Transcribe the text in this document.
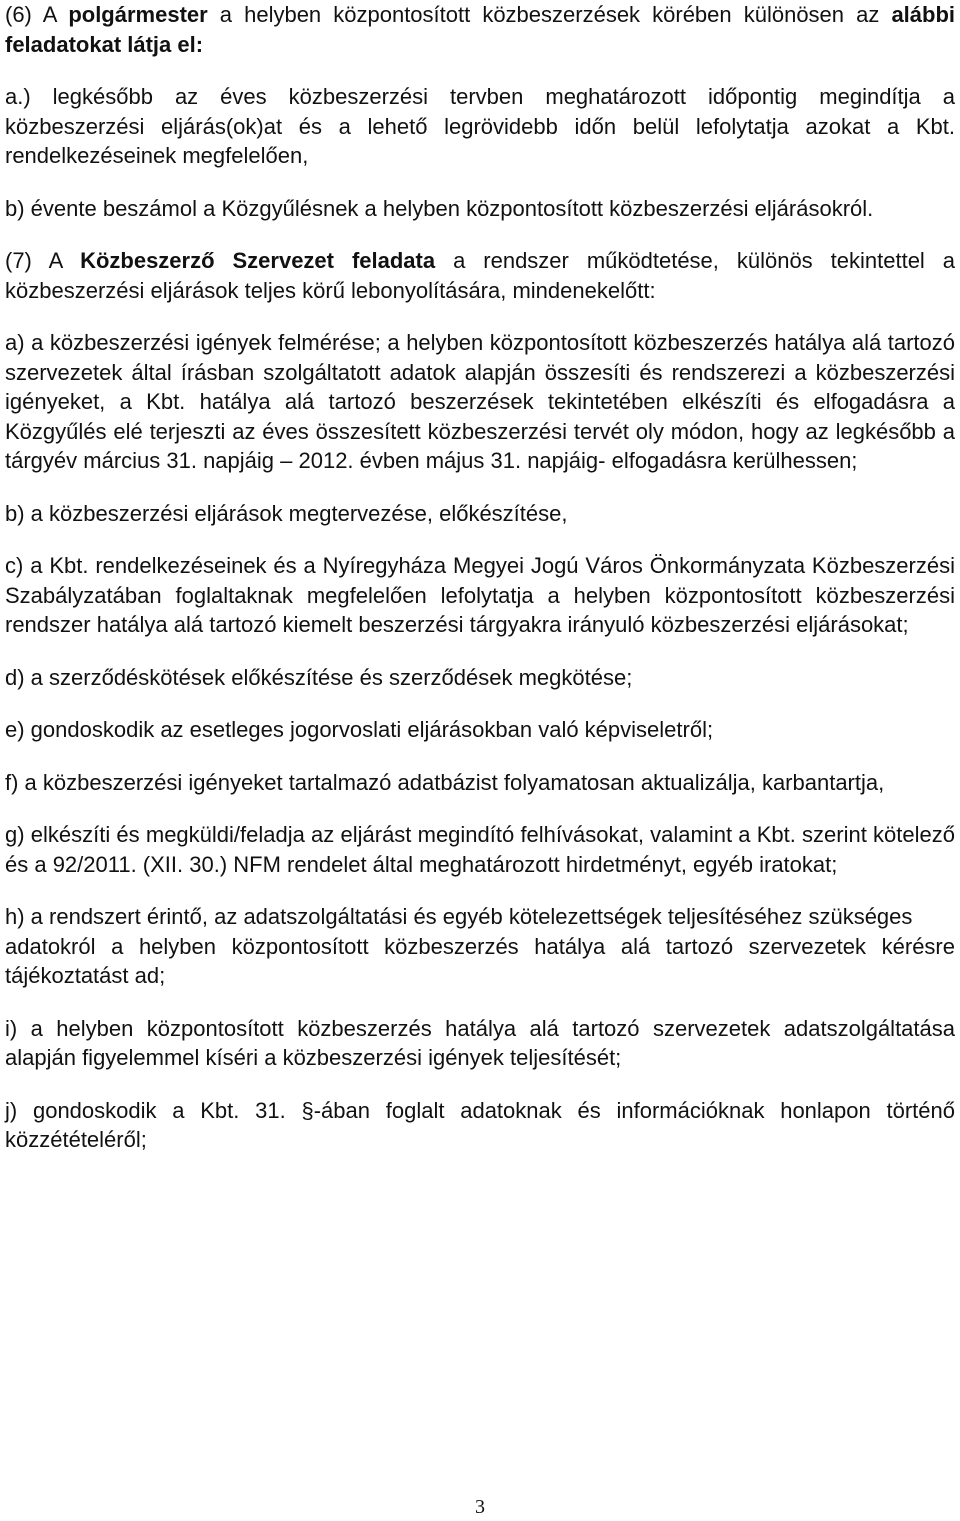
(6) A polgármester a helyben központosított közbeszerzések körében különösen az alábbi feladatokat látja el:

a.) legkésőbb az éves közbeszerzési tervben meghatározott időpontig megindítja a közbeszerzési eljárás(ok)at és a lehető legrövidebb időn belül lefolytatja azokat a Kbt. rendelkezéseinek megfelelően,

b) évente beszámol a Közgyűlésnek a helyben központosított közbeszerzési eljárásokról.

(7) A Közbeszerző Szervezet feladata a rendszer működtetése, különös tekintettel a közbeszerzési eljárások teljes körű lebonyolítására, mindenekelőtt:

a) a közbeszerzési igények felmérése; a helyben központosított közbeszerzés hatálya alá tartozó szervezetek által írásban szolgáltatott adatok alapján összesíti és rendszerezi a közbeszerzési igényeket, a Kbt. hatálya alá tartozó beszerzések tekintetében elkészíti és elfogadásra a Közgyűlés elé terjeszti az éves összesített közbeszerzési tervét oly módon, hogy az legkésőbb a tárgyév március 31. napjáig – 2012. évben május 31. napjáig- elfogadásra kerülhessen;

b) a közbeszerzési eljárások megtervezése, előkészítése,

c) a Kbt. rendelkezéseinek és a Nyíregyháza Megyei Jogú Város Önkormányzata Közbeszerzési Szabályzatában foglaltaknak megfelelően lefolytatja a helyben központosított közbeszerzési rendszer hatálya alá tartozó kiemelt beszerzési tárgyakra irányuló közbeszerzési eljárásokat;

d) a szerződéskötések előkészítése és szerződések megkötése;

e) gondoskodik az esetleges jogorvoslati eljárásokban való képviseletről;

f) a közbeszerzési igényeket tartalmazó adatbázist folyamatosan aktualizálja, karbantartja,

g) elkészíti és megküldi/feladja az eljárást megindító felhívásokat, valamint a Kbt. szerint kötelező és a 92/2011. (XII. 30.) NFM rendelet által meghatározott hirdetményt, egyéb iratokat;

h) a rendszert érintő, az adatszolgáltatási és egyéb kötelezettségek teljesítéséhez szükséges

adatokról a helyben központosított közbeszerzés hatálya alá tartozó szervezetek kérésre tájékoztatást ad;

i) a helyben központosított közbeszerzés hatálya alá tartozó szervezetek adatszolgáltatása alapján figyelemmel kíséri a közbeszerzési igények teljesítését;

j) gondoskodik a Kbt. 31. §-ában foglalt adatoknak és információknak honlapon történő közzétételéről;

3
